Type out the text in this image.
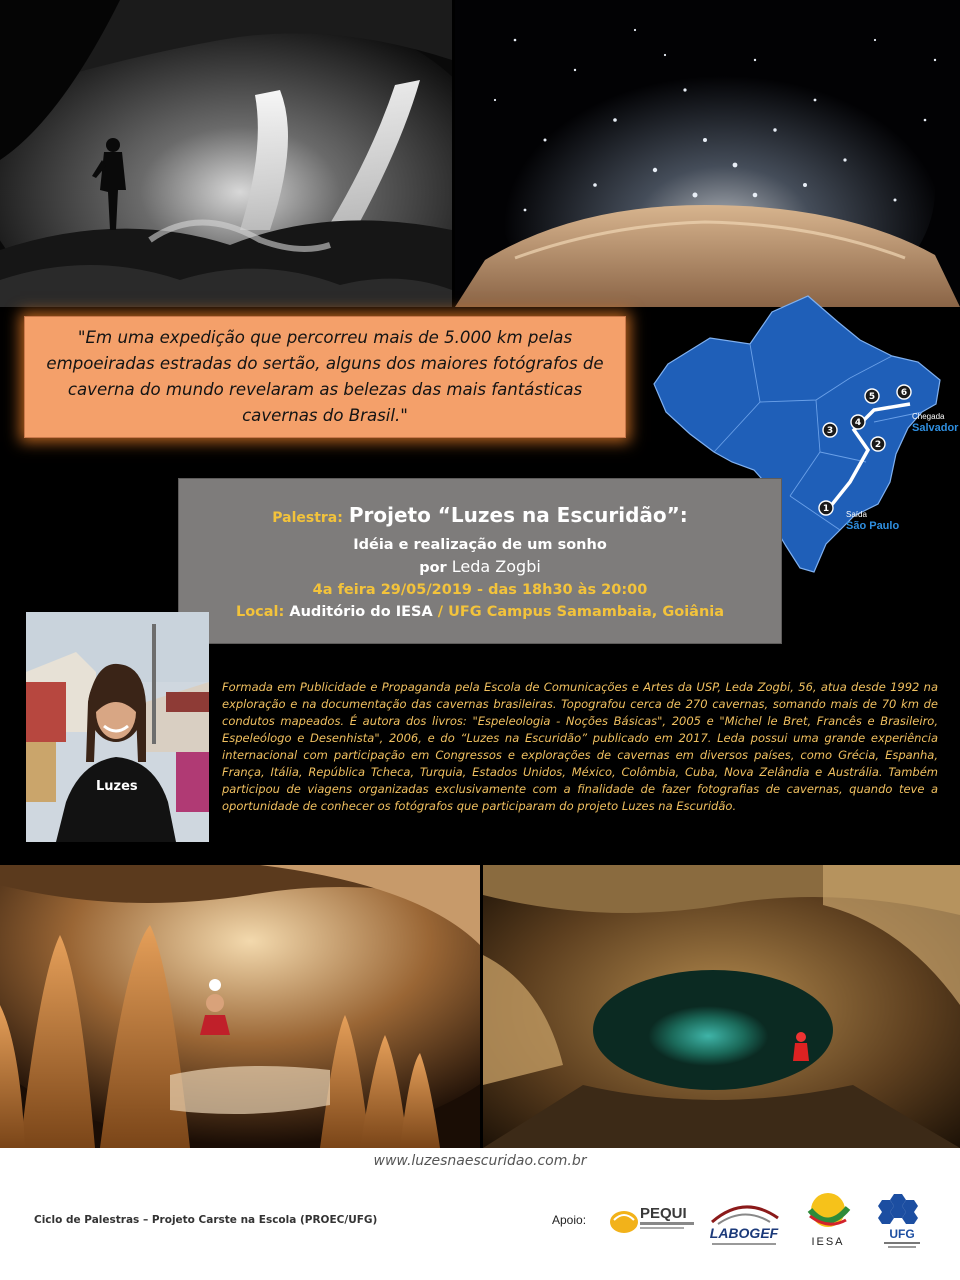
"Em uma expedição que percorreu mais de 5.000 km pelas empoeiradas estradas do sertão, alguns dos maiores fotógrafos de caverna do mundo revelaram as belezas das mais fantásticas cavernas do Brasil."

1
2
3
4
5	6
Chegada
Salvador
Saída
São Paulo

Palestra: Projeto “Luzes na Escuridão”:

Idéia e realização de um sonho

por Leda Zogbi

4a feira 29/05/2019 - das 18h30 às 20:00

Local: Auditório do IESA / UFG Campus Samambaia, Goiânia

Luzes

Formada em Publicidade e Propaganda pela Escola de Comunicações e Artes da USP, Leda Zogbi, 56, atua desde 1992 na exploração e na documentação das cavernas brasileiras. Topografou cerca de 270 cavernas, somando mais de 70 km de condutos mapeados. É autora dos livros: "Espeleologia - Noções Básicas", 2005 e "Michel le Bret, Francês e Brasileiro, Espeleólogo e Desenhista", 2006, e do “Luzes na Escuridão” publicado em 2017. Leda possui uma grande experiência internacional com participação em Congressos e explorações de cavernas em diversos países, como Grécia, Espanha, França, Itália, República Tcheca, Turquia, Estados Unidos, México, Colômbia, Cuba, Nova Zelândia e Austrália. Também participou de viagens organizadas exclusivamente com a finalidade de fazer fotografias de cavernas, quando teve a oportunidade de conhecer os fotógrafos que participaram do projeto Luzes na Escuridão.

www.luzesnaescuridao.com.br
Ciclo de Palestras – Projeto Carste na Escola (PROEC/UFG)	Apoio:	PEQUI
LABOGEF
IESA
UFG
